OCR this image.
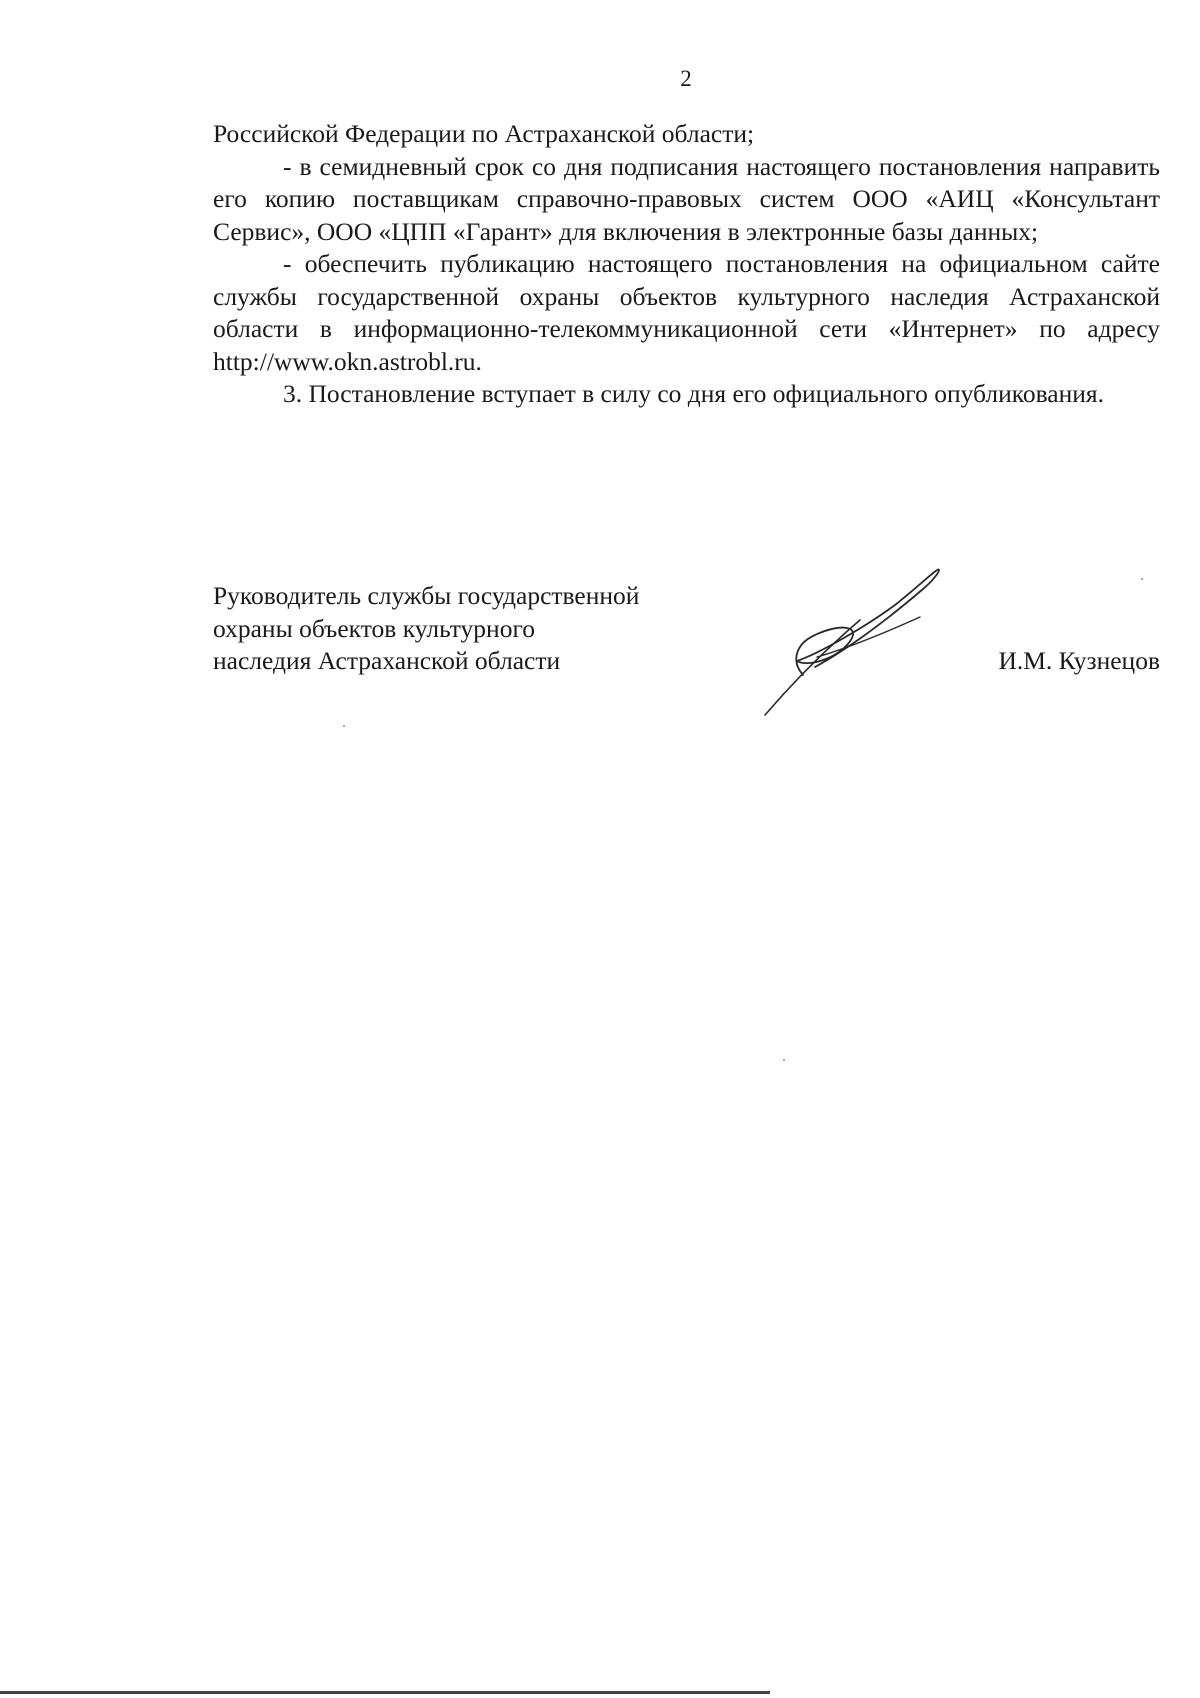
2

Российской Федерации по Астраханской области;

- в семидневный срок со дня подписания настоящего постановления направить его копию поставщикам справочно-правовых систем ООО «АИЦ «Консультант Сервис», ООО «ЦПП «Гарант» для включения в электронные базы данных;

- обеспечить публикацию настоящего постановления на официальном сайте службы государственной охраны объектов культурного наследия Астраханской области в информационно-телекоммуникационной сети «Интернет» по адресу http://www.okn.astrobl.ru.

3. Постановление вступает в силу со дня его официального опубликования.

Руководитель службы государственной
охраны объектов культурного
наследия Астраханской области	И.М. Кузнецов
